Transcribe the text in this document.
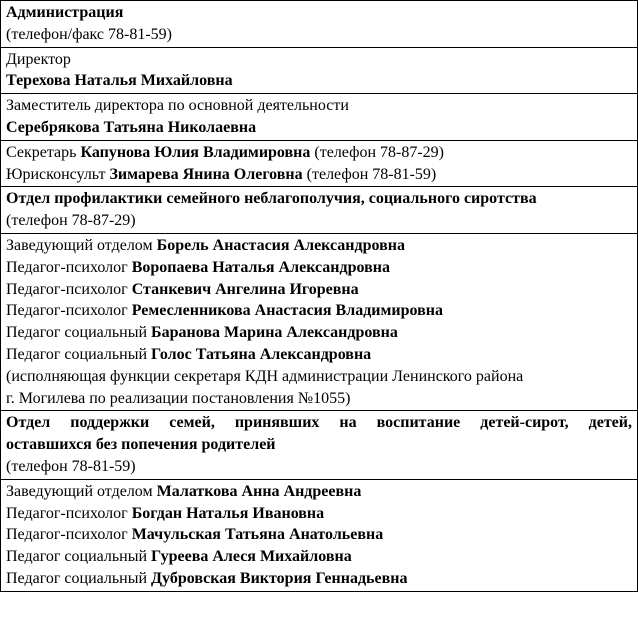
Администрация
(телефон/факс 78-81-59)

Директор
Терехова Наталья Михайловна

Заместитель директора по основной деятельности
Серебрякова Татьяна Николаевна

Секретарь Капунова Юлия Владимировна (телефон 78-87-29)
Юрисконсульт Зимарева Янина Олеговна (телефон 78-81-59)

Отдел профилактики семейного неблагополучия, социального сиротства
(телефон 78-87-29)

Заведующий отделом Борель Анастасия Александровна
Педагог-психолог Воропаева Наталья Александровна
Педагог-психолог Станкевич Ангелина Игоревна
Педагог-психолог Ремесленникова Анастасия Владимировна
Педагог социальный Баранова Марина Александровна
Педагог социальный Голос Татьяна Александровна
(исполняющая функции секретаря КДН администрации Ленинского района
г. Могилева по реализации постановления №1055)

Отдел поддержки семей, принявших на воспитание детей-сирот, детей,
оставшихся без попечения родителей
(телефон 78-81-59)

Заведующий отделом Малаткова Анна Андреевна
Педагог-психолог Богдан Наталья Ивановна
Педагог-психолог Мачульская Татьяна Анатольевна
Педагог социальный Гуреева Алеся Михайловна
Педагог социальный Дубровская Виктория Геннадьевна
